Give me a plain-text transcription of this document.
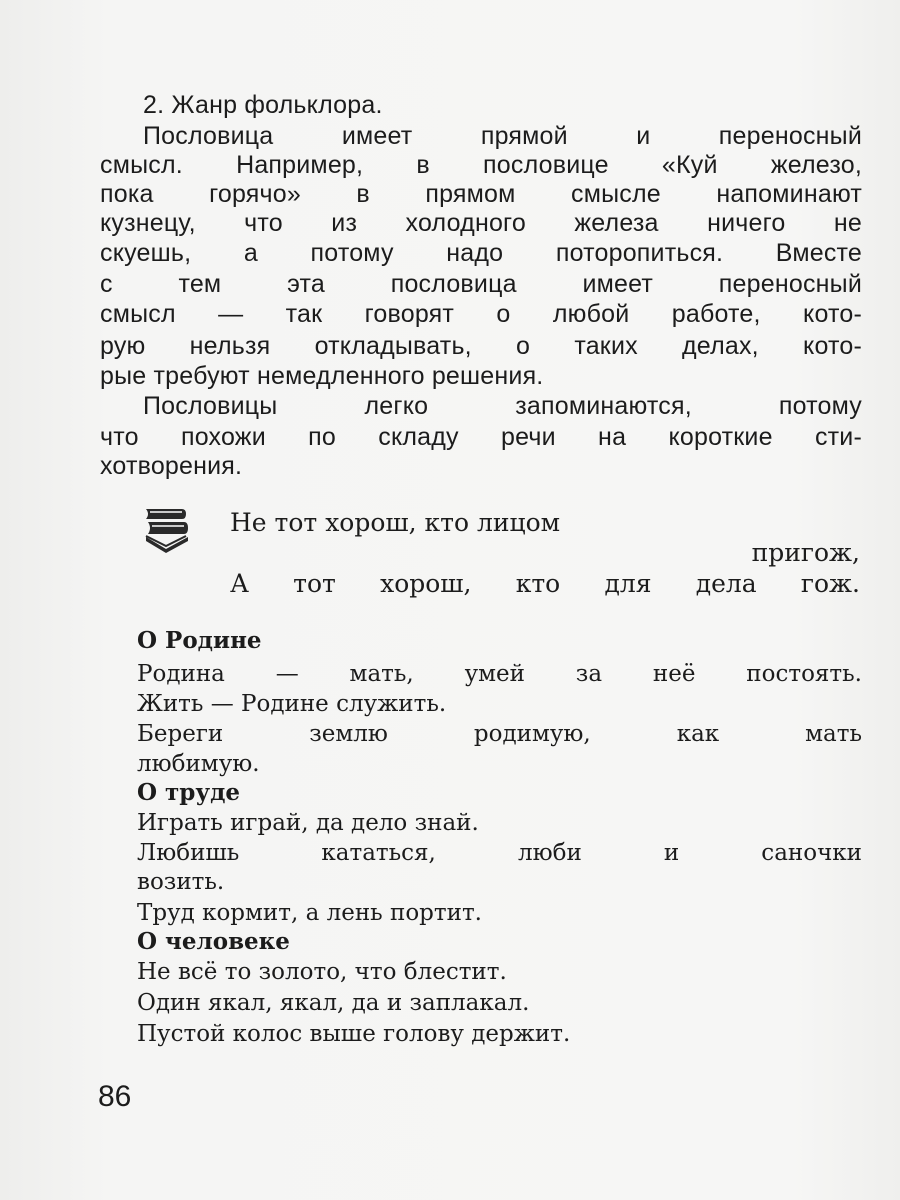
2. Жанр фольклора.
Пословица имеет прямой и переносный
смысл. Например, в пословице «Куй железо,
пока горячо» в прямом смысле напоминают
кузнецу, что из холодного железа ничего не
скуешь, а потому надо поторопиться. Вместе
с тем эта пословица имеет переносный
смысл — так говорят о любой работе, кото-
рую нельзя откладывать, о таких делах, кото-
рые требуют немедленного решения.
Пословицы легко запоминаются, потому
что похожи по складу речи на короткие сти-
хотворения.
Не тот хорош, кто лицом
пригож,
А тот хорош, кто для дела гож.
О Родине
Родина — мать, умей за неё постоять.
Жить — Родине служить.
Береги землю родимую, как мать
любимую.
О труде
Играть играй, да дело знай.
Любишь кататься, люби и саночки
возить.
Труд кормит, а лень портит.
О человеке
Не всё то золото, что блестит.
Один якал, якал, да и заплакал.
Пустой колос выше голову держит.
86
